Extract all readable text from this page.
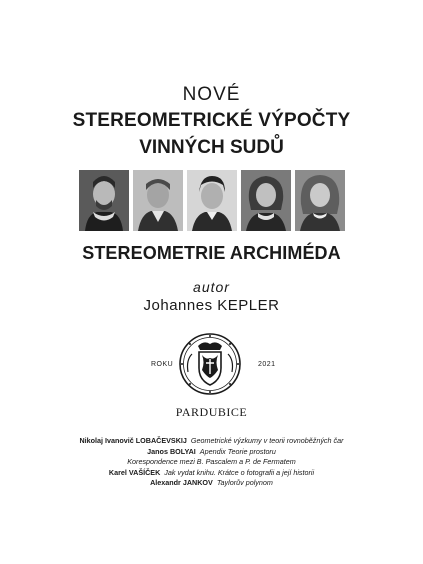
NOVÉ
STEREOMETRICKÉ VÝPOČTY
VINNÝCH SUDŮ
STEREOMETRIE ARCHIMÉDA
autor
Johannes KEPLER
ROKU	2021
PARDUBICE
Nikolaj Ivanovič LOBAČEVSKIJ Geometrické výzkumy v teorii rovnoběžných čar
Janos BOLYAI Apendix Teorie prostoru
Korespondence mezi B. Pascalem a P. de Fermatem
Karel VAŠÍČEK Jak vydat knihu. Krátce o fotografii a její historii
Alexandr JANKOV Taylorův polynom
